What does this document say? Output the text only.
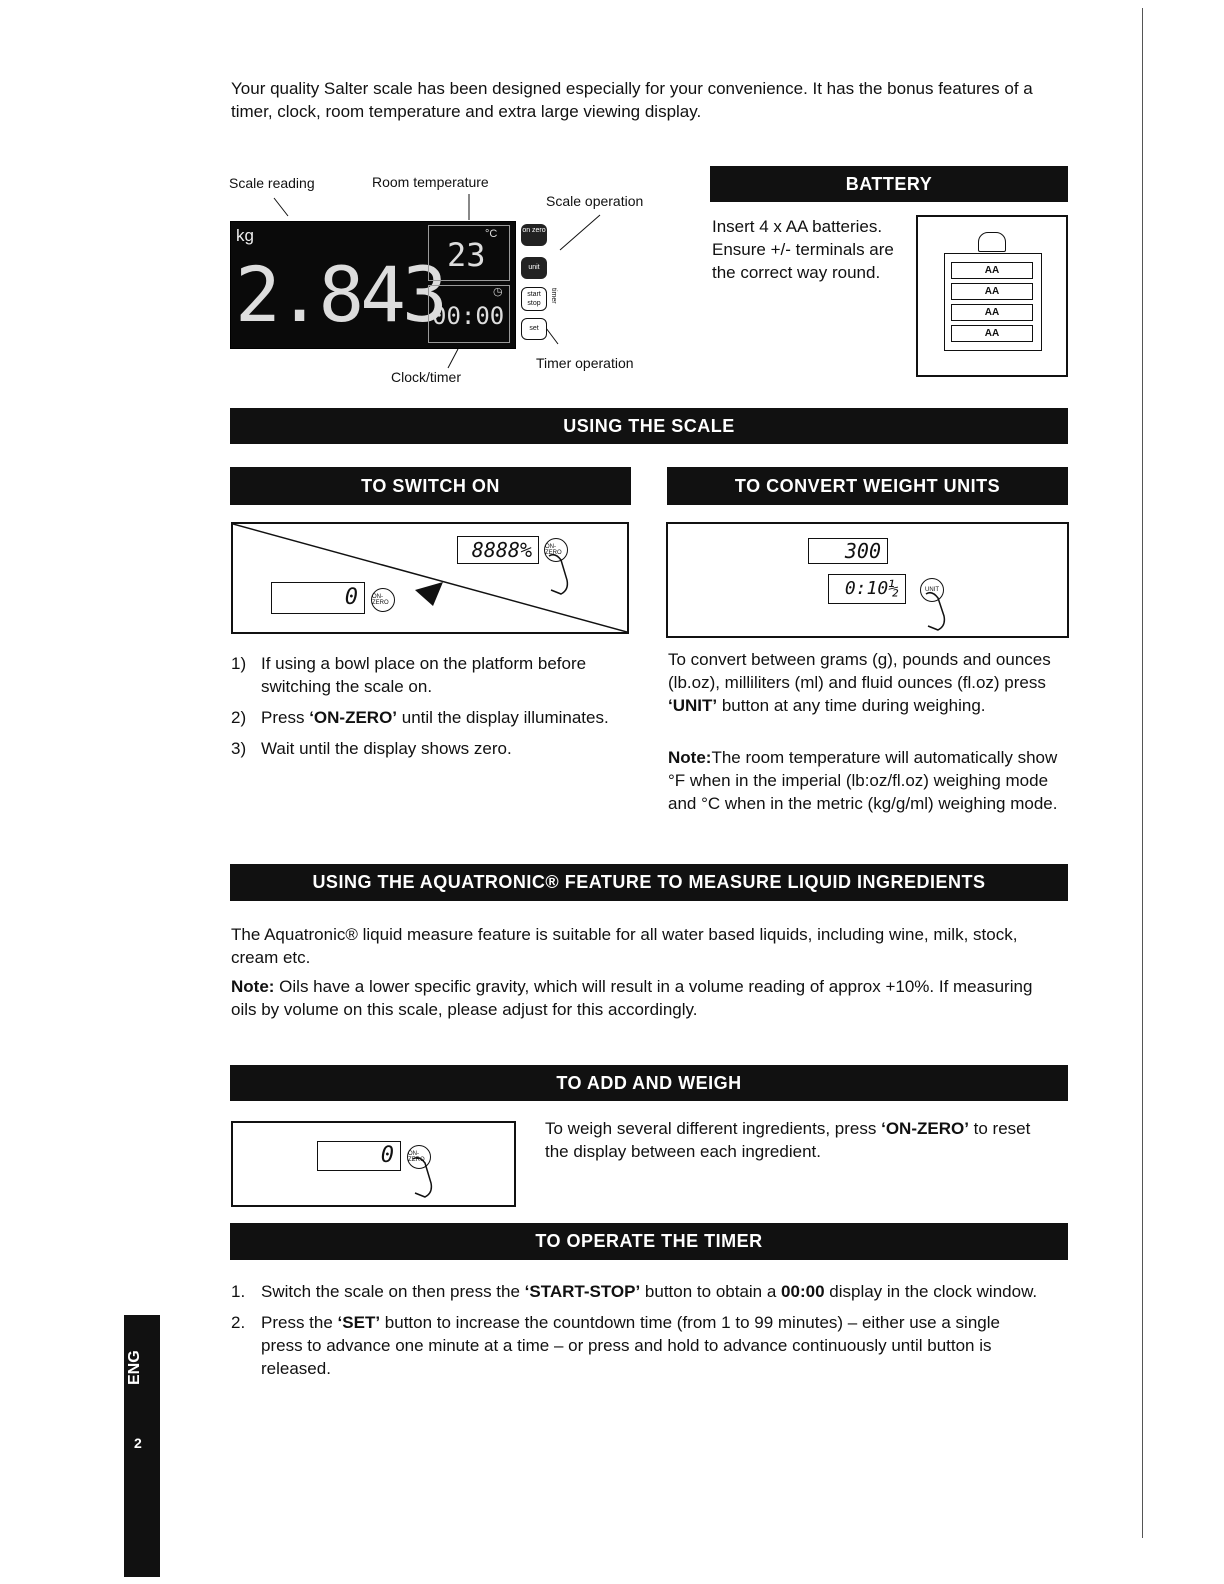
Your quality Salter scale has been designed especially for your convenience. It has the bonus features of a timer, clock, room temperature and extra large viewing display.
Scale reading	Room temperature
Scale operation
Clock/timer
Timer operation
kg
2.843 23
°C
◷
00:00
on zero
unit
start stop	timer
set
BATTERY
Insert 4 x AA batteries. Ensure +/- terminals are the correct way round.	AA
AA
AA
AA
USING THE SCALE
TO SWITCH ON
8888%	ON-ZERO
0	ON-ZERO
1) If using a bowl place on the platform before switching the scale on.
2) Press ‘ON-ZERO’ until the display illuminates.
3) Wait until the display shows zero.
TO CONVERT WEIGHT UNITS
300
0:10½	UNIT
To convert between grams (g), pounds and ounces (lb.oz), milliliters (ml) and fluid ounces (fl.oz) press ‘UNIT’ button at any time during weighing.
Note:The room temperature will automatically show °F when in the imperial (lb:oz/fl.oz) weighing mode and °C when in the metric (kg/g/ml) weighing mode.
USING THE AQUATRONIC® FEATURE TO MEASURE LIQUID INGREDIENTS
The Aquatronic® liquid measure feature is suitable for all water based liquids, including wine, milk, stock, cream etc.
Note: Oils have a lower specific gravity, which will result in a volume reading of approx +10%. If measuring oils by volume on this scale, please adjust for this accordingly.
TO ADD AND WEIGH
0	ON-ZERO
To weigh several different ingredients, press ‘ON-ZERO’ to reset the display between each ingredient.
TO OPERATE THE TIMER
1. Switch the scale on then press the ‘START-STOP’ button to obtain a 00:00 display in the clock window.
2. Press the ‘SET’ button to increase the countdown time (from 1 to 99 minutes) – either use a single press to advance one minute at a time – or press and hold to advance continuously until button is released.
ENG
2
